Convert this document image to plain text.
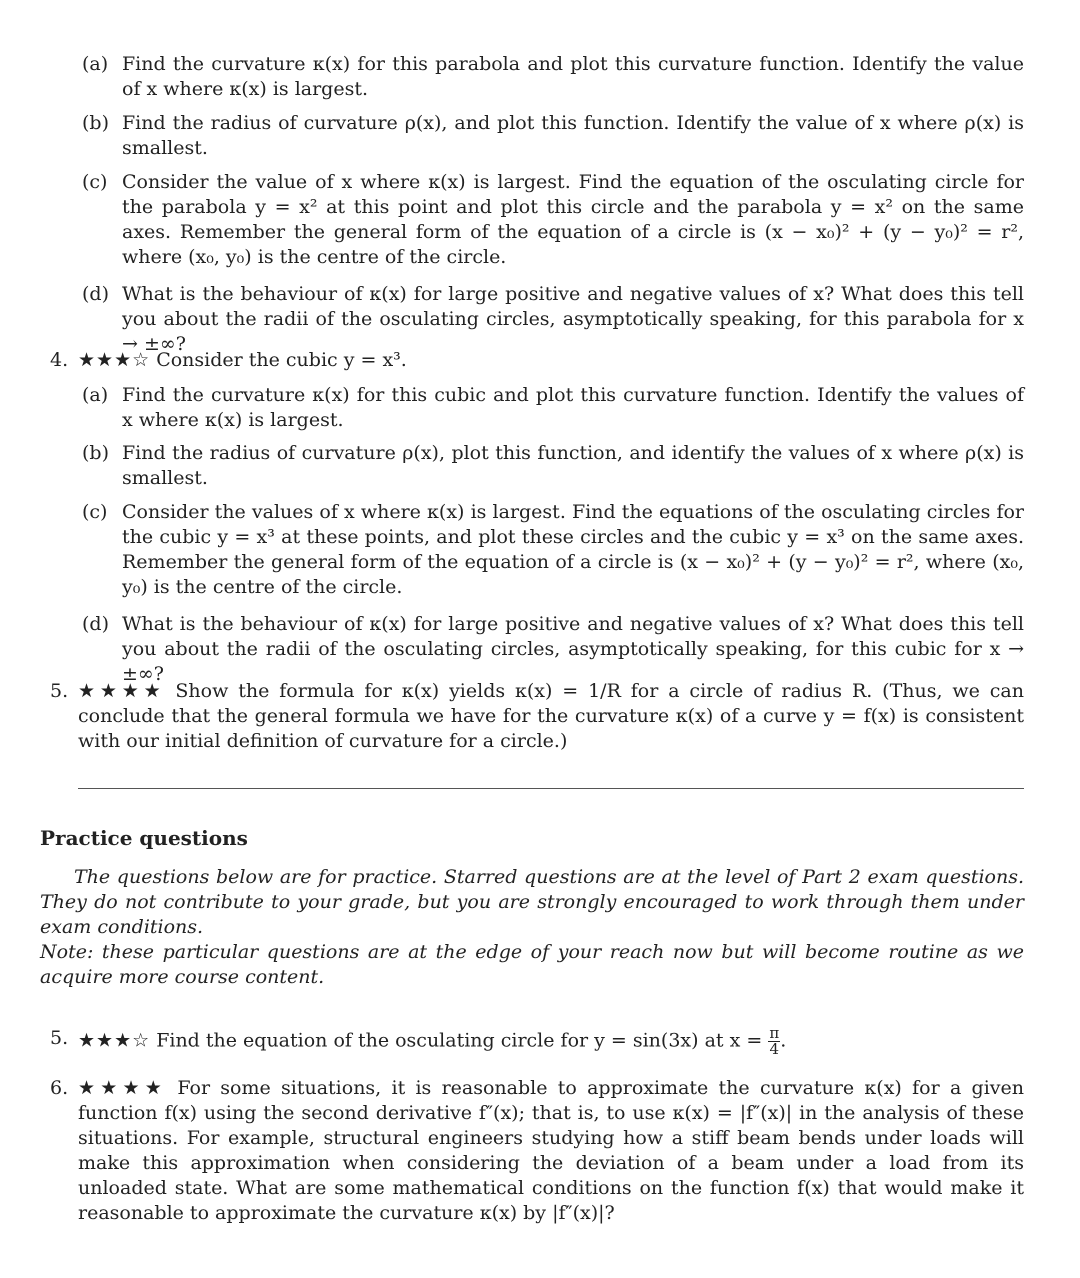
(a) Find the curvature κ(x) for this parabola and plot this curvature function. Identify the value of x where κ(x) is largest.
(b) Find the radius of curvature ρ(x), and plot this function. Identify the value of x where ρ(x) is smallest.
(c) Consider the value of x where κ(x) is largest. Find the equation of the osculating circle for the parabola y = x² at this point and plot this circle and the parabola y = x² on the same axes. Remember the general form of the equation of a circle is (x − x₀)² + (y − y₀)² = r², where (x₀, y₀) is the centre of the circle.
(d) What is the behaviour of κ(x) for large positive and negative values of x? What does this tell you about the radii of the osculating circles, asymptotically speaking, for this parabola for x → ±∞?
4. ★★★☆ Consider the cubic y = x³.
(a) Find the curvature κ(x) for this cubic and plot this curvature function. Identify the values of x where κ(x) is largest.
(b) Find the radius of curvature ρ(x), plot this function, and identify the values of x where ρ(x) is smallest.
(c) Consider the values of x where κ(x) is largest. Find the equations of the osculating circles for the cubic y = x³ at these points, and plot these circles and the cubic y = x³ on the same axes. Remember the general form of the equation of a circle is (x − x₀)² + (y − y₀)² = r², where (x₀, y₀) is the centre of the circle.
(d) What is the behaviour of κ(x) for large positive and negative values of x? What does this tell you about the radii of the osculating circles, asymptotically speaking, for this cubic for x → ±∞?
5. ★★★★ Show the formula for κ(x) yields κ(x) = 1/R for a circle of radius R. (Thus, we can conclude that the general formula we have for the curvature κ(x) of a curve y = f(x) is consistent with our initial definition of curvature for a circle.)
Practice questions
The questions below are for practice. Starred questions are at the level of Part 2 exam questions. They do not contribute to your grade, but you are strongly encouraged to work through them under exam conditions.
Note: these particular questions are at the edge of your reach now but will become routine as we acquire more course content.
5. ★★★☆ Find the equation of the osculating circle for y = sin(3x) at $x = \frac{\pi}{4}$ .
6. ★★★★ For some situations, it is reasonable to approximate the curvature κ(x) for a given function f(x) using the second derivative f″(x); that is, to use κ(x) = |f″(x)| in the analysis of these situations. For example, structural engineers studying how a stiff beam bends under loads will make this approximation when considering the deviation of a beam under a load from its unloaded state. What are some mathematical conditions on the function f(x) that would make it reasonable to approximate the curvature κ(x) by |f″(x)|?
